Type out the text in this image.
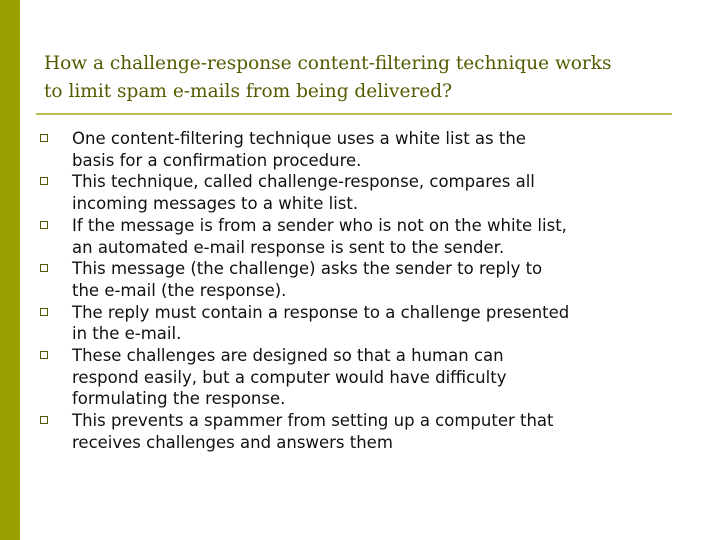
How a challenge-response content-filtering technique works
to limit spam e-mails from being delivered?
One content-filtering technique uses a white list as the
basis for a confirmation procedure.
This technique, called challenge-response, compares all
incoming messages to a white list.
If the message is from a sender who is not on the white list,
an automated e-mail response is sent to the sender.
This message (the challenge) asks the sender to reply to
the e-mail (the response).
The reply must contain a response to a challenge presented
in the e-mail.
These challenges are designed so that a human can
respond easily, but a computer would have difficulty
formulating the response.
This prevents a spammer from setting up a computer that
receives challenges and answers them
